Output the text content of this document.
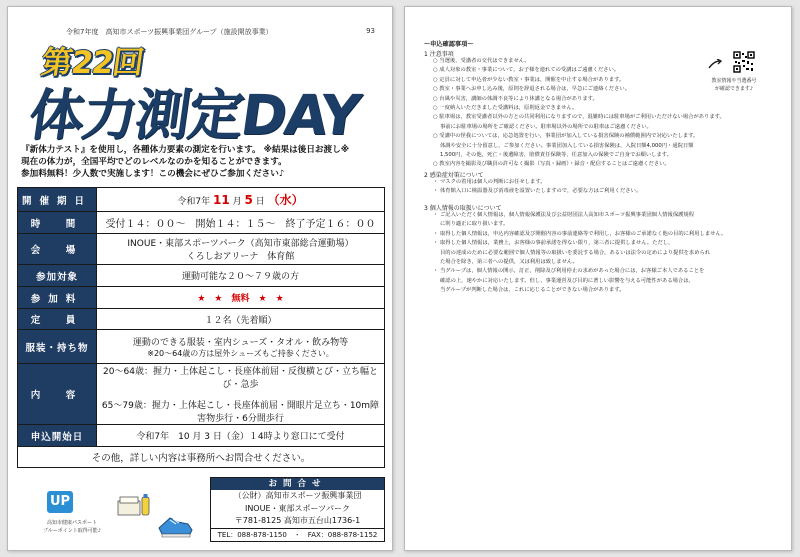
令和7年度　高知市スポーツ振興事業団グループ（施設開放事業）	93
第22回
体力測定DAY

『新体力テスト』を使用し，各種体力要素の測定を行います。 ※結果は後日お渡し※

現在の体力が，全国平均でどのレベルなのかを知ることができます。

参加料無料！少人数で実施します！この機会にぜひご参加ください♪

開催期日	令和7年 11 月 5 日 （水）
時　間	受付１４：００～　開始１４：１５～　終了予定１６：００
会　場	INOUE・東部スポーツパーク（高知市東部総合運動場）
くろしおアリーナ　体育館

参加対象	運動可能な２０～７９歳の方
参加料	★　★　無料　★　★
定　員	１２名（先着順）
服装・持ち物	運動のできる服装・室内シューズ・タオル・飲み物等
※20～64歳の方は屋外シューズもご持参ください。

内　容	20～64歳：握力・上体起こし・長座体前屈・反復横とび・立ち幅とび・急歩
65～79歳：握力・上体起こし・長座体前屈・開眼片足立ち・10m障害物歩行・6分間歩行

申込開始日	令和7年　10 月 3 日（金）１4時より窓口にて受付
その他，詳しい内容は事務所へお問合せください。	
UP
高知市健康パスポート
ブルーポイント取得可能♪
お問合せ
（公財）高知市スポーツ振興事業団
INOUE・東部スポーツパーク
〒781-8125 高知市五台山1736-1
TEL：088-878-1150　・　FAX：088-878-1152
〜申込確認事項〜
1 注意事項

○ 当選後，受講者の交代はできません。

○ 成人対象の教室・事業について，お子様を連れての受講はご遠慮ください。

○ 定員に対して申込者が少ない教室・事業は，開催を中止する場合があります。

○ 教室・事業へお申し込み後，原則を辞退される場合は，早急にご連絡ください。

○ 台風や災害，講師の体調不良等により休講となる場合があります。

○ 一度納入いただきました受講料は，原則返金できません。

○ 駐車場は，教室受講者以外の方との共同利用になりますので，混雑時には駐車場がご利用いただけない場合があります。

　 事前にお駐車場の場所をご確認ください。駐車場以外の場所での駐車はご遠慮ください。

○ 受講中の怪我については，応急処置を行い，事業団が加入している損害保険の補償範囲内で対応いたします。

　 体調や安全に十分留意し，ご参加ください。事業団加入している損害保険は，入院日額4,000円・通院日額

　 1,500円，その他，死亡・後遺障害，賠償責任保険等，任意加入の保険でご自身でお願いします。

○ 教室内容を撮影及び職員の許可なく撮影（写真・録画）・録音・配信することはご遠慮ください。

2 感染症対策について

・ マスクの着用は個人の判断にお任せします。

・ 体育館入口に検温器及び消毒液を設置いたしますので，必要な方はご利用ください。

3 個人情報の取扱いについて

・ ご記入いただく個人情報は，個人情報保護法及び公益財団法人高知市スポーツ振興事業団個人情報保護規程

　 に則り適正に取り扱います。

・ 取得した個人情報は，申込内容確認及び開催内容の事前連絡等で利用し，お客様のご承諾なく他の目的に利用しません。

・ 取得した個人情報は，業務上，お客様の事前承諾を得ない限り，第三者に提供しません。ただし，

　 目的の達成のために必要な範囲で個人情報等の取扱いを委託する場合，あるいは法令の定めにより提供を求められ

　 た場合を除き，第三者への提供，又は利用は致しません。

・ 当グループは，個人情報の開示，訂正，削除及び利用停止の求めがあった場合には，お客様ご本人であることを

　 確認の上，速やかに対応いたします。但し，事業運営及び目的に著しい影響を与える可能性がある場合は，

　 当グループが判断した場合は，これに応じることができない場合があります。

教室情報や当選番号
が確認できます♪
